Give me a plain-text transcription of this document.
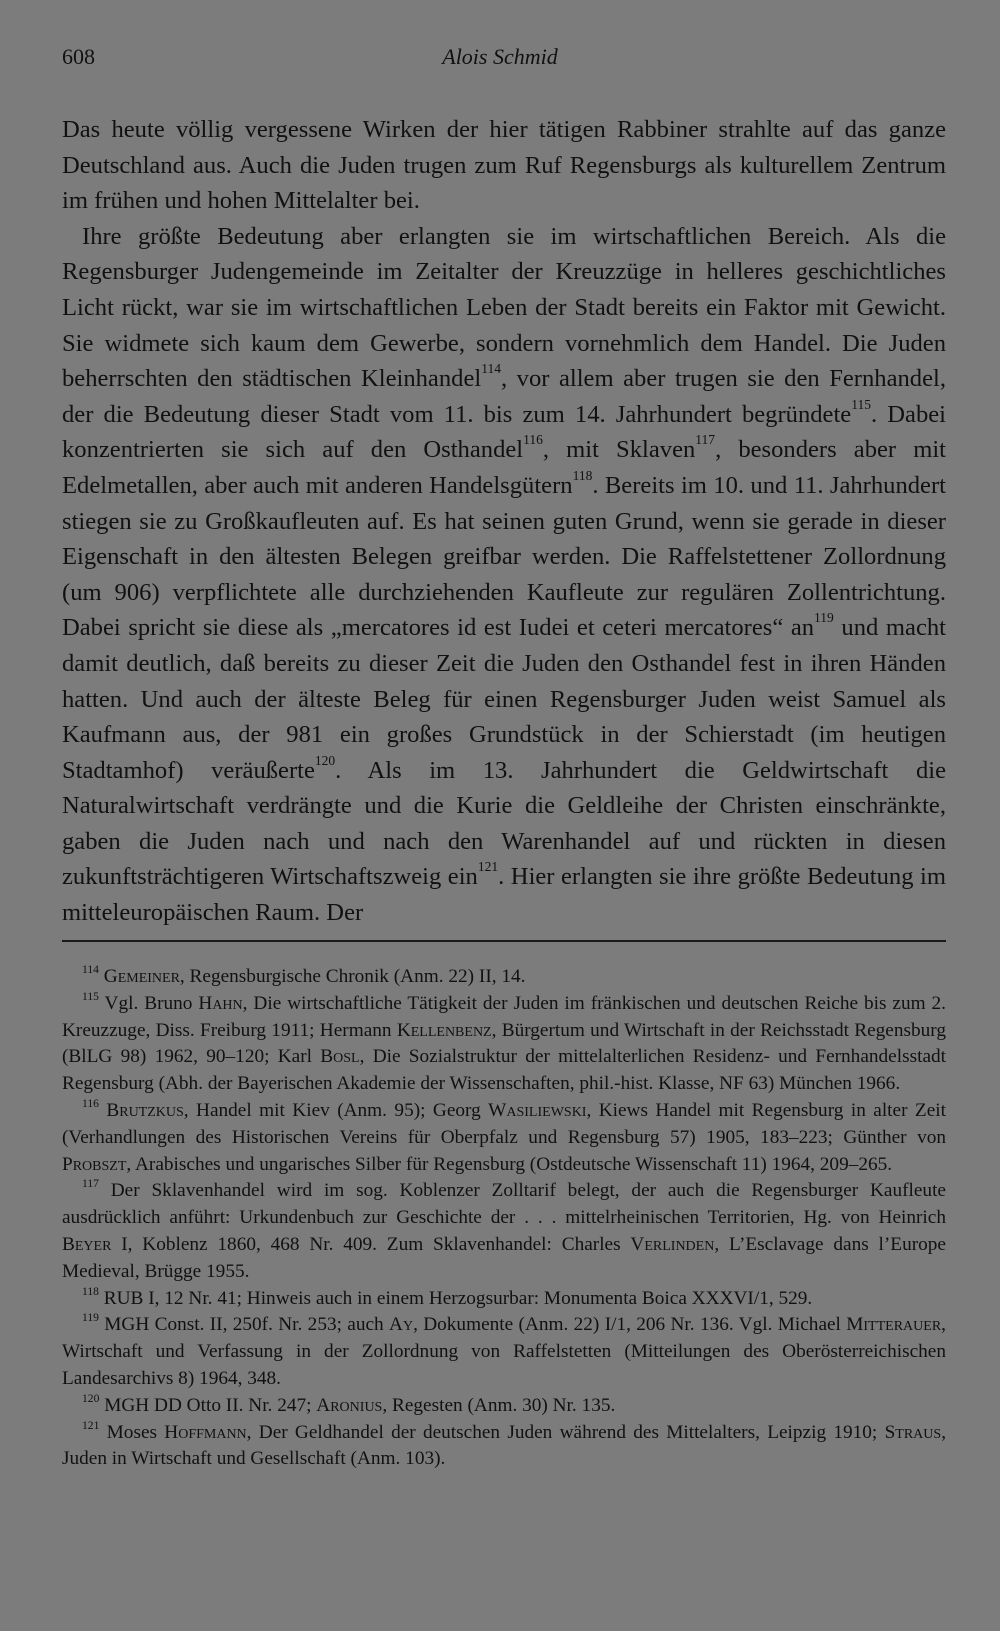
608	Alois Schmid

Das heute völlig vergessene Wirken der hier tätigen Rabbiner strahlte auf das ganze Deutschland aus. Auch die Juden trugen zum Ruf Regensburgs als kulturellem Zentrum im frühen und hohen Mittelalter bei.

Ihre größte Bedeutung aber erlangten sie im wirtschaftlichen Bereich. Als die Regensburger Judengemeinde im Zeitalter der Kreuzzüge in helleres geschichtliches Licht rückt, war sie im wirtschaftlichen Leben der Stadt bereits ein Faktor mit Gewicht. Sie widmete sich kaum dem Gewerbe, sondern vornehmlich dem Handel. Die Juden beherrschten den städtischen Kleinhandel$^{114}$, vor allem aber trugen sie den Fernhandel, der die Bedeutung dieser Stadt vom 11. bis zum 14. Jahrhundert begründete$^{115}$. Dabei konzentrierten sie sich auf den Osthandel$^{116}$, mit Sklaven$^{117}$, besonders aber mit Edelmetallen, aber auch mit anderen Handelsgütern$^{118}$. Bereits im 10. und 11. Jahrhundert stiegen sie zu Großkaufleuten auf. Es hat seinen guten Grund, wenn sie gerade in dieser Eigenschaft in den ältesten Belegen greifbar werden. Die Raffelstettener Zollordnung (um 906) verpflichtete alle durchziehenden Kaufleute zur regulären Zollentrichtung. Dabei spricht sie diese als „mercatores id est Iudei et ceteri mercatores“ $an^{119}$ und macht damit deutlich, daß bereits zu dieser Zeit die Juden den Osthandel fest in ihren Händen hatten. Und auch der älteste Beleg für einen Regensburger Juden weist Samuel als Kaufmann aus, der 981 ein großes Grundstück in der Schierstadt (im heutigen Stadtamhof) veräußerte$^{120}$. Als im 13. Jahrhundert die Geldwirtschaft die Naturalwirtschaft verdrängte und die Kurie die Geldleihe der Christen einschränkte, gaben die Juden nach und nach den Warenhandel auf und rückten in diesen zukunftsträchtigeren Wirtschaftszweig ein$^{121}$. Hier erlangten sie ihre größte Bedeutung im mitteleuropäischen Raum. Der

$^{114}$ Gemeiner, Regensburgische Chronik (Anm. 22) II, 14.

$^{115}$ Vgl. Bruno Hahn, Die wirtschaftliche Tätigkeit der Juden im fränkischen und deutschen Reiche bis zum 2. Kreuzzuge, Diss. Freiburg 1911; Hermann Kellenbenz, Bürgertum und Wirtschaft in der Reichsstadt Regensburg (BlLG 98) 1962, 90–120; Karl Bosl, Die Sozialstruktur der mittelalterlichen Residenz- und Fernhandelsstadt Regensburg (Abh. der Bayerischen Akademie der Wissenschaften, phil.-hist. Klasse, NF 63) München 1966.

$^{116}$ Brutzkus, Handel mit Kiev (Anm. 95); Georg Wasiliewski, Kiews Handel mit Regensburg in alter Zeit (Verhandlungen des Historischen Vereins für Oberpfalz und Regensburg 57) 1905, 183–223; Günther von Probszt, Arabisches und ungarisches Silber für Regensburg (Ostdeutsche Wissenschaft 11) 1964, 209–265.

$^{117}$ Der Sklavenhandel wird im sog. Koblenzer Zolltarif belegt, der auch die Regensburger Kaufleute ausdrücklich anführt: Urkundenbuch zur Geschichte der . . . mittelrheinischen Territorien, Hg. von Heinrich Beyer I, Koblenz 1860, 468 Nr. 409. Zum Sklavenhandel: Charles Verlinden, L’Esclavage dans l’Europe Medieval, Brügge 1955.

$^{118}$ RUB I, 12 Nr. 41; Hinweis auch in einem Herzogsurbar: Monumenta Boica XXXVI/1, 529.

$^{119}$ MGH Const. II, 250f. Nr. 253; auch Ay, Dokumente (Anm. 22) I/1, 206 Nr. 136. Vgl. Michael Mitterauer, Wirtschaft und Verfassung in der Zollordnung von Raffelstetten (Mitteilungen des Oberösterreichischen Landesarchivs 8) 1964, 348.

$^{120}$ MGH DD Otto II. Nr. 247; Aronius, Regesten (Anm. 30) Nr. 135.

$^{121}$ Moses Hoffmann, Der Geldhandel der deutschen Juden während des Mittelalters, Leipzig 1910; Straus, Juden in Wirtschaft und Gesellschaft (Anm. 103).
